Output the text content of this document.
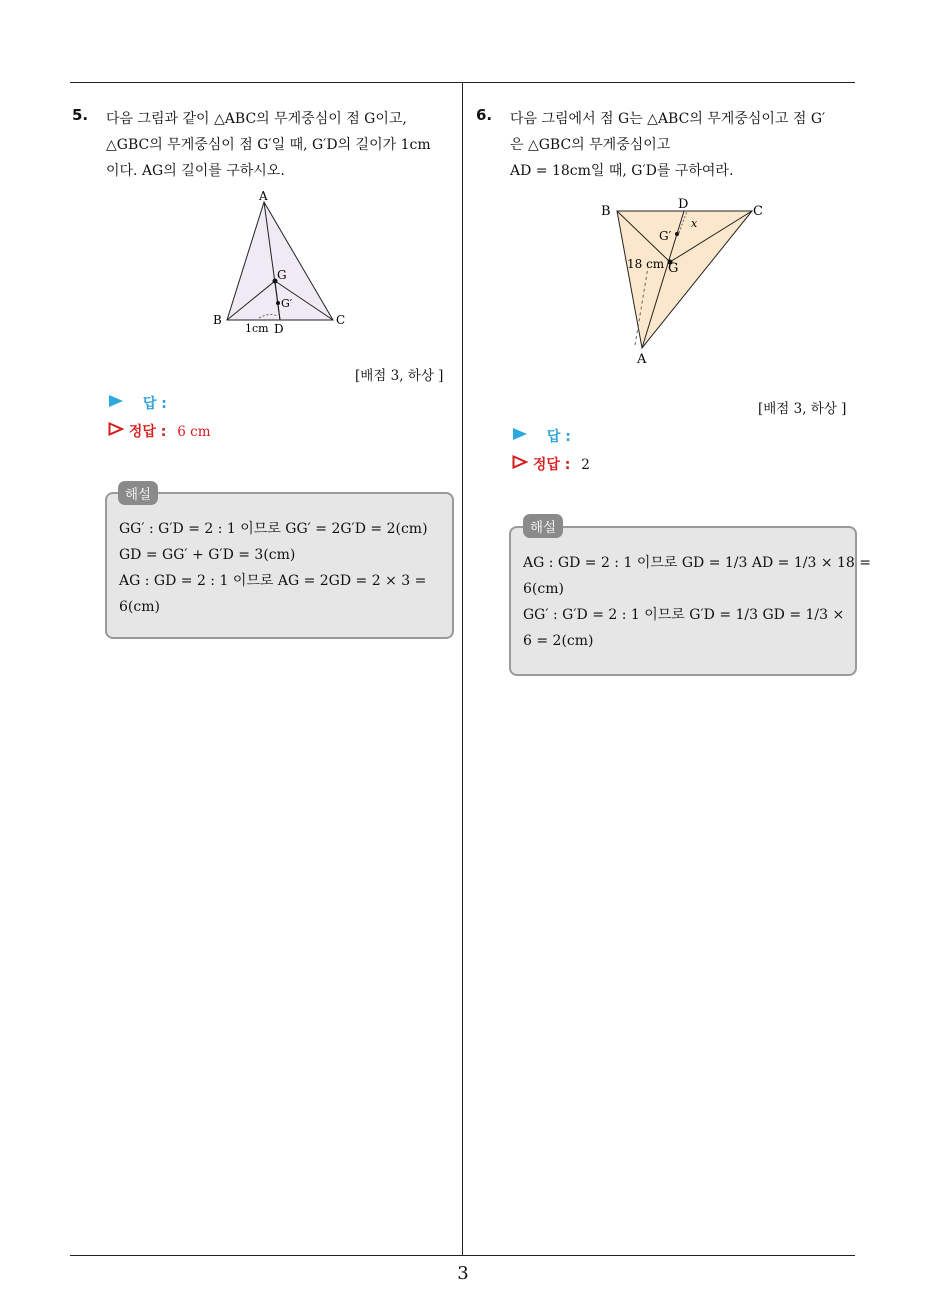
5. 다음 그림과 같이 △ABC의 무게중심이 점 G이고,
△GBC의 무게중심이 점 G′일 때, G′D의 길이가 1cm
이다. AG의 길이를 구하시오.
A
B	C
D
G
G′
1cm
[배점 3, 하상 ]
답 :
정답 : 6 cm
GG′ : G′D = 2 : 1 이므로 GG′ = 2G′D = 2(cm)
GD = GG′ + G′D = 3(cm)
AG : GD = 2 : 1 이므로 AG = 2GD = 2 × 3 =
6(cm)
해설
6. 다음 그림에서 점 G는 △ABC의 무게중심이고 점 G′
은 △GBC의 무게중심이고
AD = 18cm일 때, G′D를 구하여라.
B	C
D
A
G
G′
x
18 cm
[배점 3, 하상 ]
답 :
정답 : 2
AG : GD = 2 : 1 이므로 GD = 1/3 AD = 1/3 × 18 =
6(cm)
GG′ : G′D = 2 : 1 이므로 G′D = 1/3 GD = 1/3 ×
6 = 2(cm)
해설
3
